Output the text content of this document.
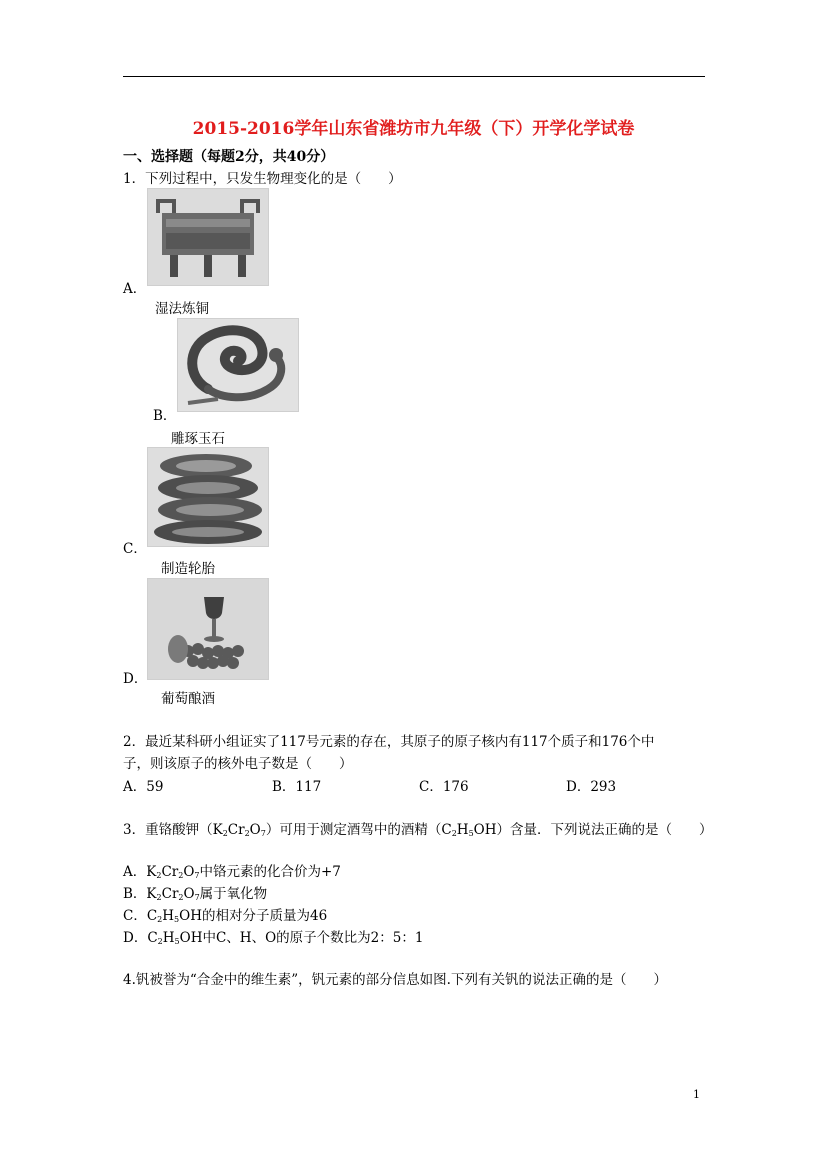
2015-2016学年山东省潍坊市九年级（下）开学化学试卷
一、选择题（每题2分，共40分）
1．下列过程中，只发生物理变化的是（　　）
A．
湿法炼铜
B．
雕琢玉石
C．
制造轮胎
D．
葡萄酿酒
2．最近某科研小组证实了117号元素的存在，其原子的原子核内有117个质子和176个中
子，则该原子的核外电子数是（　　）
A．59	B．117	C．176	D．293
3．重铬酸钾$(K_2Cr_2O_7)$可用于测定酒驾中的酒精$(C_2H_5OH)$含量．下列说法正确的是（　　）
A．$K_2Cr_2O_7$中铬元素的化合价为+7
B．$K_2Cr_2O_7$属于氧化物
C．$C_2H_5OH$的相对分子质量为46
D．$C_2H_5OH$中C、H、O的原子个数比为2：5：1
4.钒被誉为“合金中的维生素”，钒元素的部分信息如图.下列有关钒的说法正确的是（　　）
1
